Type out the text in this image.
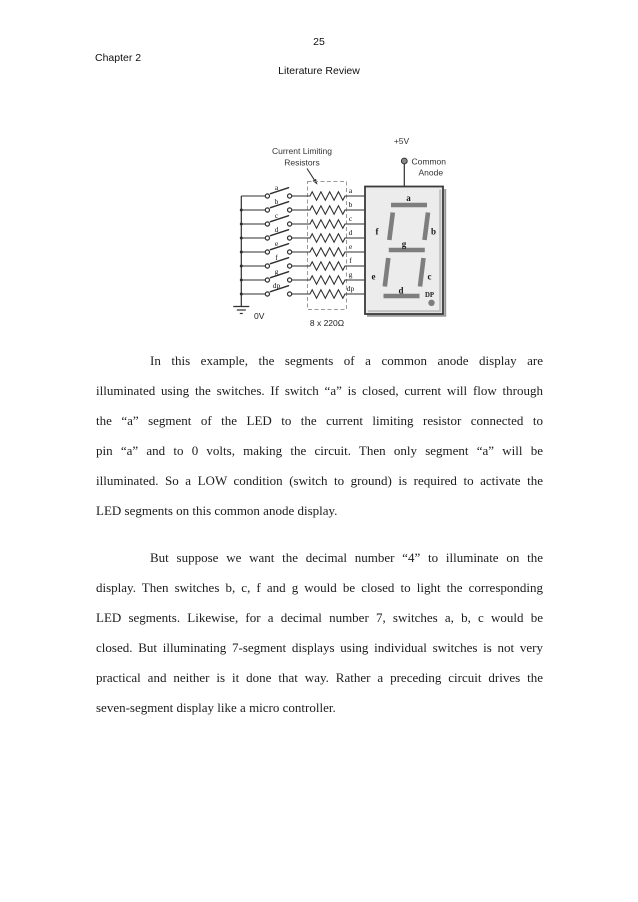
25
Chapter 2
Literature Review
Current Limiting
Resistors
+5V
Common
Anode
8 x 220Ω
0V
a	a
b	b
c	c
d	d
e	e
f	f
g	g
dp	dp
a
f	b
g
e	c
d	DP
In this example, the segments of a common anode display are
illuminated using the switches. If switch “a” is closed, current will flow through
the “a” segment of the LED to the current limiting resistor connected to
pin “a” and to 0 volts, making the circuit. Then only segment “a” will be
illuminated. So a LOW condition (switch to ground) is required to activate the
LED segments on this common anode display.
But suppose we want the decimal number “4” to illuminate on the
display. Then switches b, c, f and g would be closed to light the corresponding
LED segments. Likewise, for a decimal number 7, switches a, b, c would be
closed. But illuminating 7-segment displays using individual switches is not very
practical and neither is it done that way. Rather a preceding circuit drives the
seven-segment display like a micro controller.
